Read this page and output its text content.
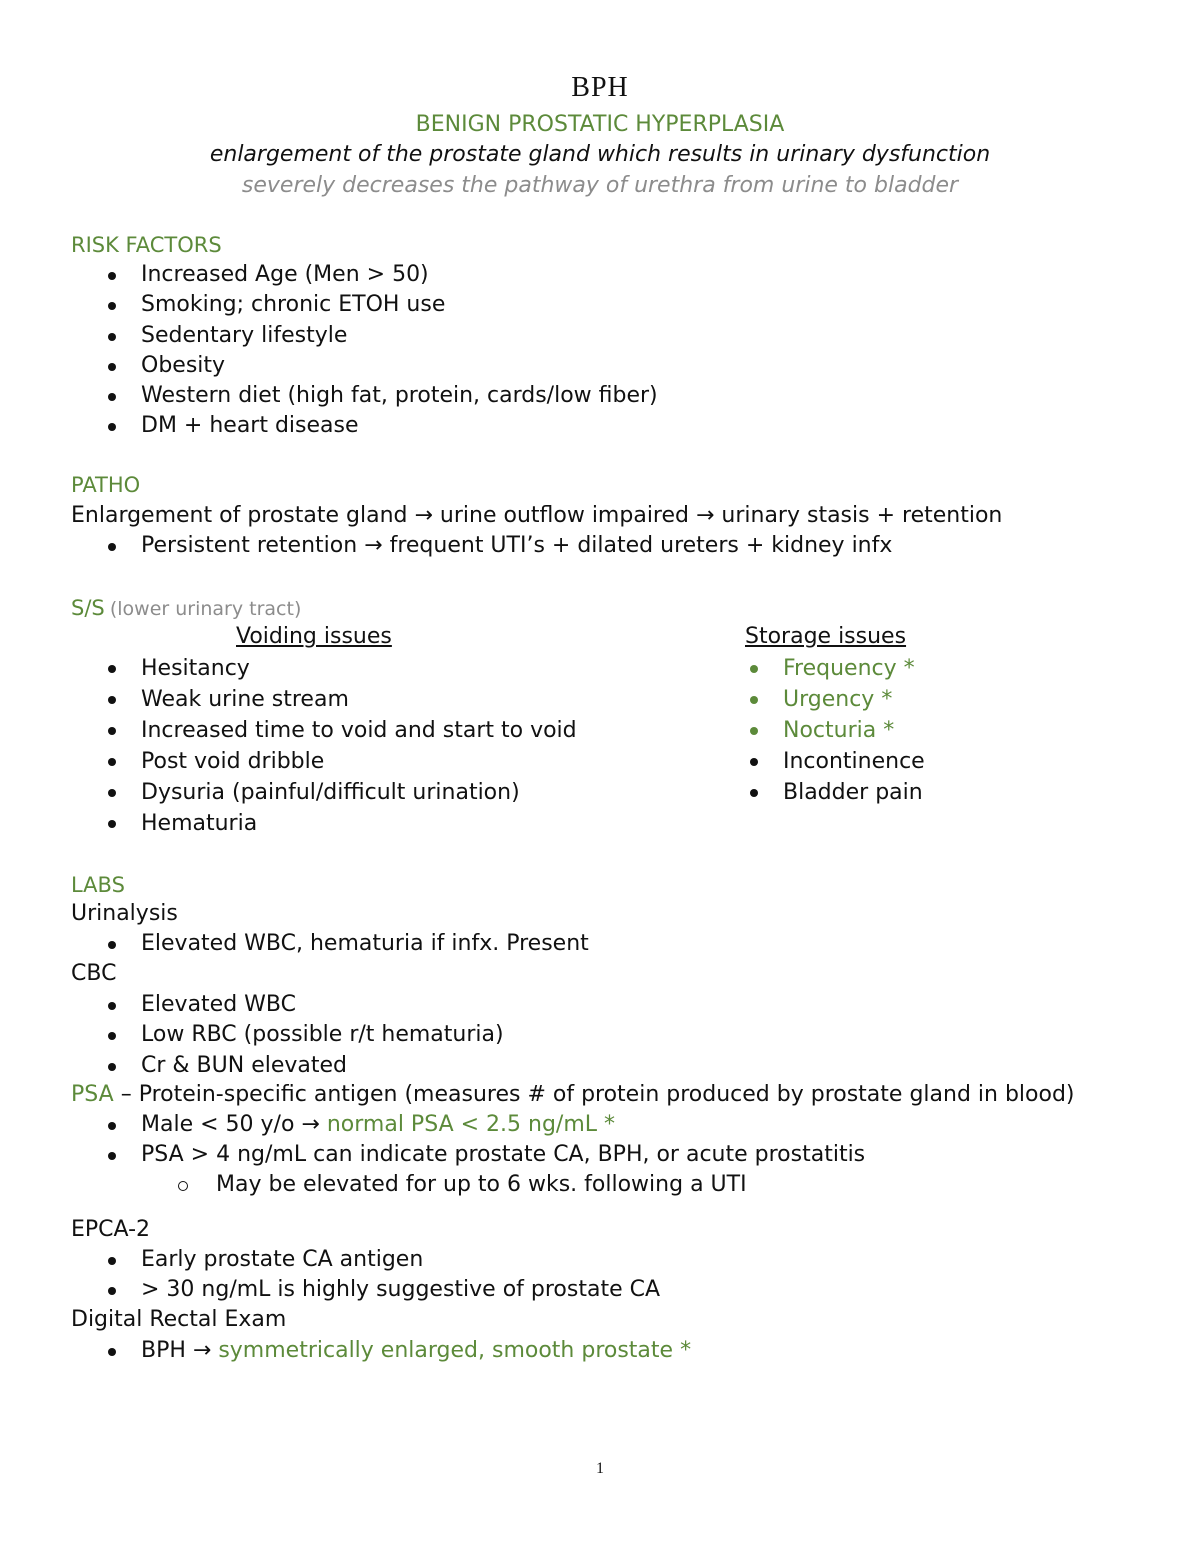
BPH
BENIGN PROSTATIC HYPERPLASIA
enlargement of the prostate gland which results in urinary dysfunction
severely decreases the pathway of urethra from urine to bladder
RISK FACTORS
Increased Age (Men > 50)
Smoking; chronic ETOH use
Sedentary lifestyle
Obesity
Western diet (high fat, protein, cards/low fiber)
DM + heart disease
PATHO
Enlargement of prostate gland → urine outflow impaired → urinary stasis + retention
Persistent retention → frequent UTI’s + dilated ureters + kidney infx
S/S (lower urinary tract)
Voiding issues
Hesitancy
Weak urine stream
Increased time to void and start to void
Post void dribble
Dysuria (painful/difficult urination)
Hematuria
Storage issues
Frequency *
Urgency *
Nocturia *
Incontinence
Bladder pain
LABS
Urinalysis
Elevated WBC, hematuria if infx. Present
CBC
Elevated WBC
Low RBC (possible r/t hematuria)
Cr & BUN elevated
PSA – Protein-specific antigen (measures # of protein produced by prostate gland in blood)
Male < 50 y/o → normal PSA < 2.5 ng/mL *
PSA > 4 ng/mL can indicate prostate CA, BPH, or acute prostatitis
May be elevated for up to 6 wks. following a UTI
EPCA-2
Early prostate CA antigen
> 30 ng/mL is highly suggestive of prostate CA
Digital Rectal Exam
BPH → symmetrically enlarged, smooth prostate *
1
